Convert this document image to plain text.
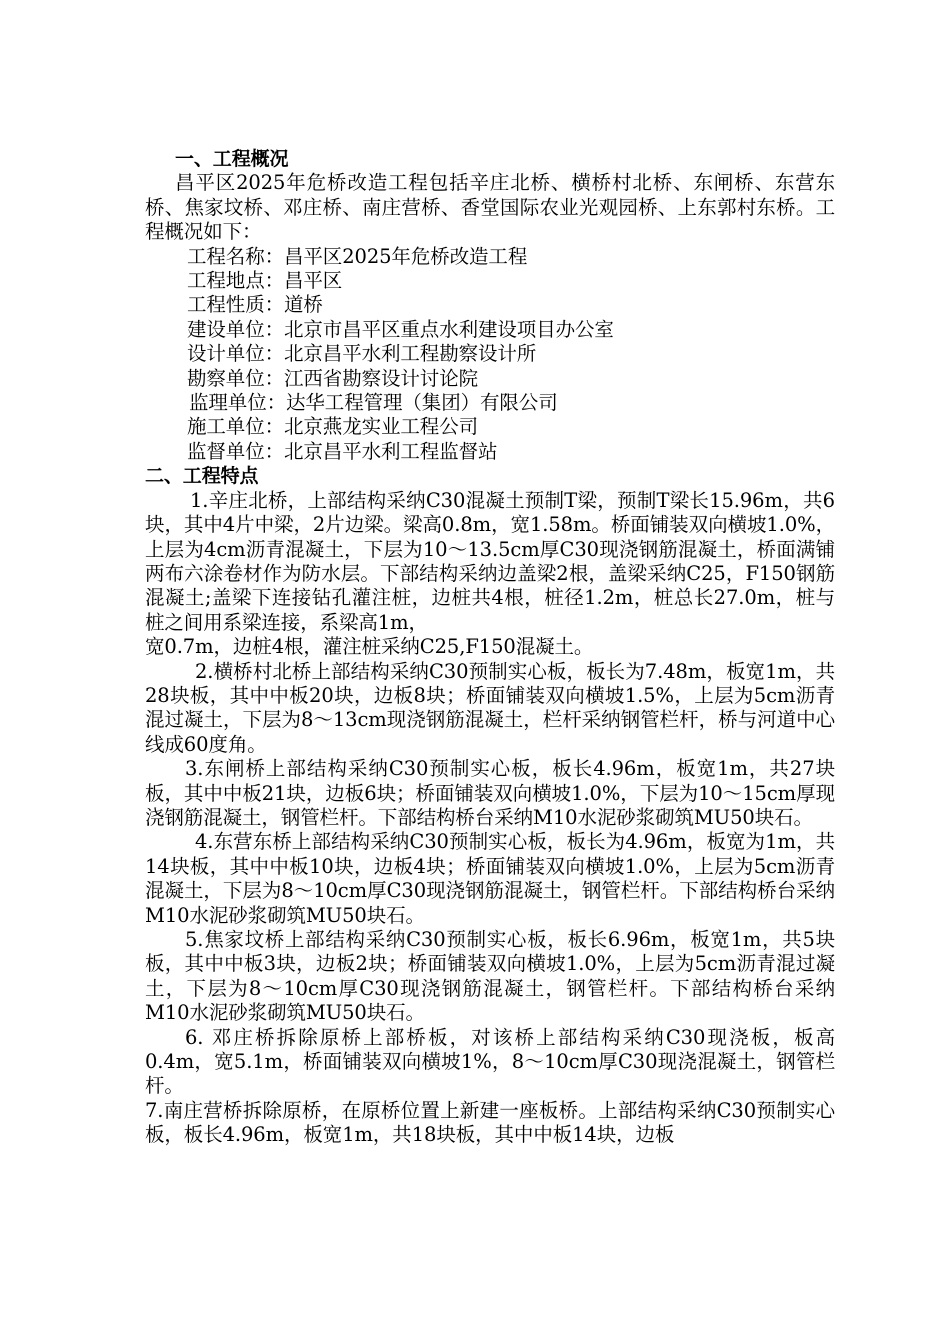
一、工程概况

昌平区2025年危桥改造工程包括辛庄北桥、横桥村北桥、东闸桥、东营东桥、焦家坟桥、邓庄桥、南庄营桥、香堂国际农业光观园桥、上东郭村东桥。工程概况如下：

工程名称：昌平区2025年危桥改造工程

工程地点：昌平区

工程性质：道桥

建设单位：北京市昌平区重点水利建设项目办公室

设计单位：北京昌平水利工程勘察设计所

勘察单位：江西省勘察设计讨论院

监理单位：达华工程管理（集团）有限公司

施工单位：北京燕龙实业工程公司

监督单位：北京昌平水利工程监督站

二、工程特点

1.辛庄北桥，上部结构采纳C30混凝土预制T梁，预制T梁长15.96m，共6块，其中4片中梁，2片边梁。梁高0.8m，宽1.58m。桥面铺装双向横坡1.0%，上层为4cm沥青混凝土，下层为10～13.5cm厚C30现浇钢筋混凝土，桥面满铺两布六涂卷材作为防水层。下部结构采纳边盖梁2根，盖梁采纳C25，F150钢筋混凝土;盖梁下连接钻孔灌注桩，边桩共4根，桩径1.2m，桩总长27.0m，桩与桩之间用系梁连接，系梁高1m，

宽0.7m，边桩4根，灌注桩采纳C25,F150混凝土。

2.横桥村北桥上部结构采纳C30预制实心板，板长为7.48m，板宽1m，共28块板，其中中板20块，边板8块；桥面铺装双向横坡1.5%，上层为5cm沥青混过凝土，下层为8～13cm现浇钢筋混凝土，栏杆采纳钢管栏杆，桥与河道中心线成60度角。

3.东闸桥上部结构采纳C30预制实心板，板长4.96m，板宽1m，共27块板，其中中板21块，边板6块；桥面铺装双向横坡1.0%，下层为10～15cm厚现浇钢筋混凝土，钢管栏杆。下部结构桥台采纳M10水泥砂浆砌筑MU50块石。

4.东营东桥上部结构采纳C30预制实心板，板长为4.96m，板宽为1m，共14块板，其中中板10块，边板4块；桥面铺装双向横坡1.0%，上层为5cm沥青混凝土，下层为8～10cm厚C30现浇钢筋混凝土，钢管栏杆。下部结构桥台采纳M10水泥砂浆砌筑MU50块石。

5.焦家坟桥上部结构采纳C30预制实心板，板长6.96m，板宽1m，共5块板，其中中板3块，边板2块；桥面铺装双向横坡1.0%，上层为5cm沥青混过凝土，下层为8～10cm厚C30现浇钢筋混凝土，钢管栏杆。下部结构桥台采纳M10水泥砂浆砌筑MU50块石。

6. 邓庄桥拆除原桥上部桥板，对该桥上部结构采纳C30现浇板，板高0.4m，宽5.1m，桥面铺装双向横坡1%，8～10cm厚C30现浇混凝土，钢管栏杆。

7.南庄营桥拆除原桥，在原桥位置上新建一座板桥。上部结构采纳C30预制实心板，板长4.96m，板宽1m，共18块板，其中中板14块，边板
